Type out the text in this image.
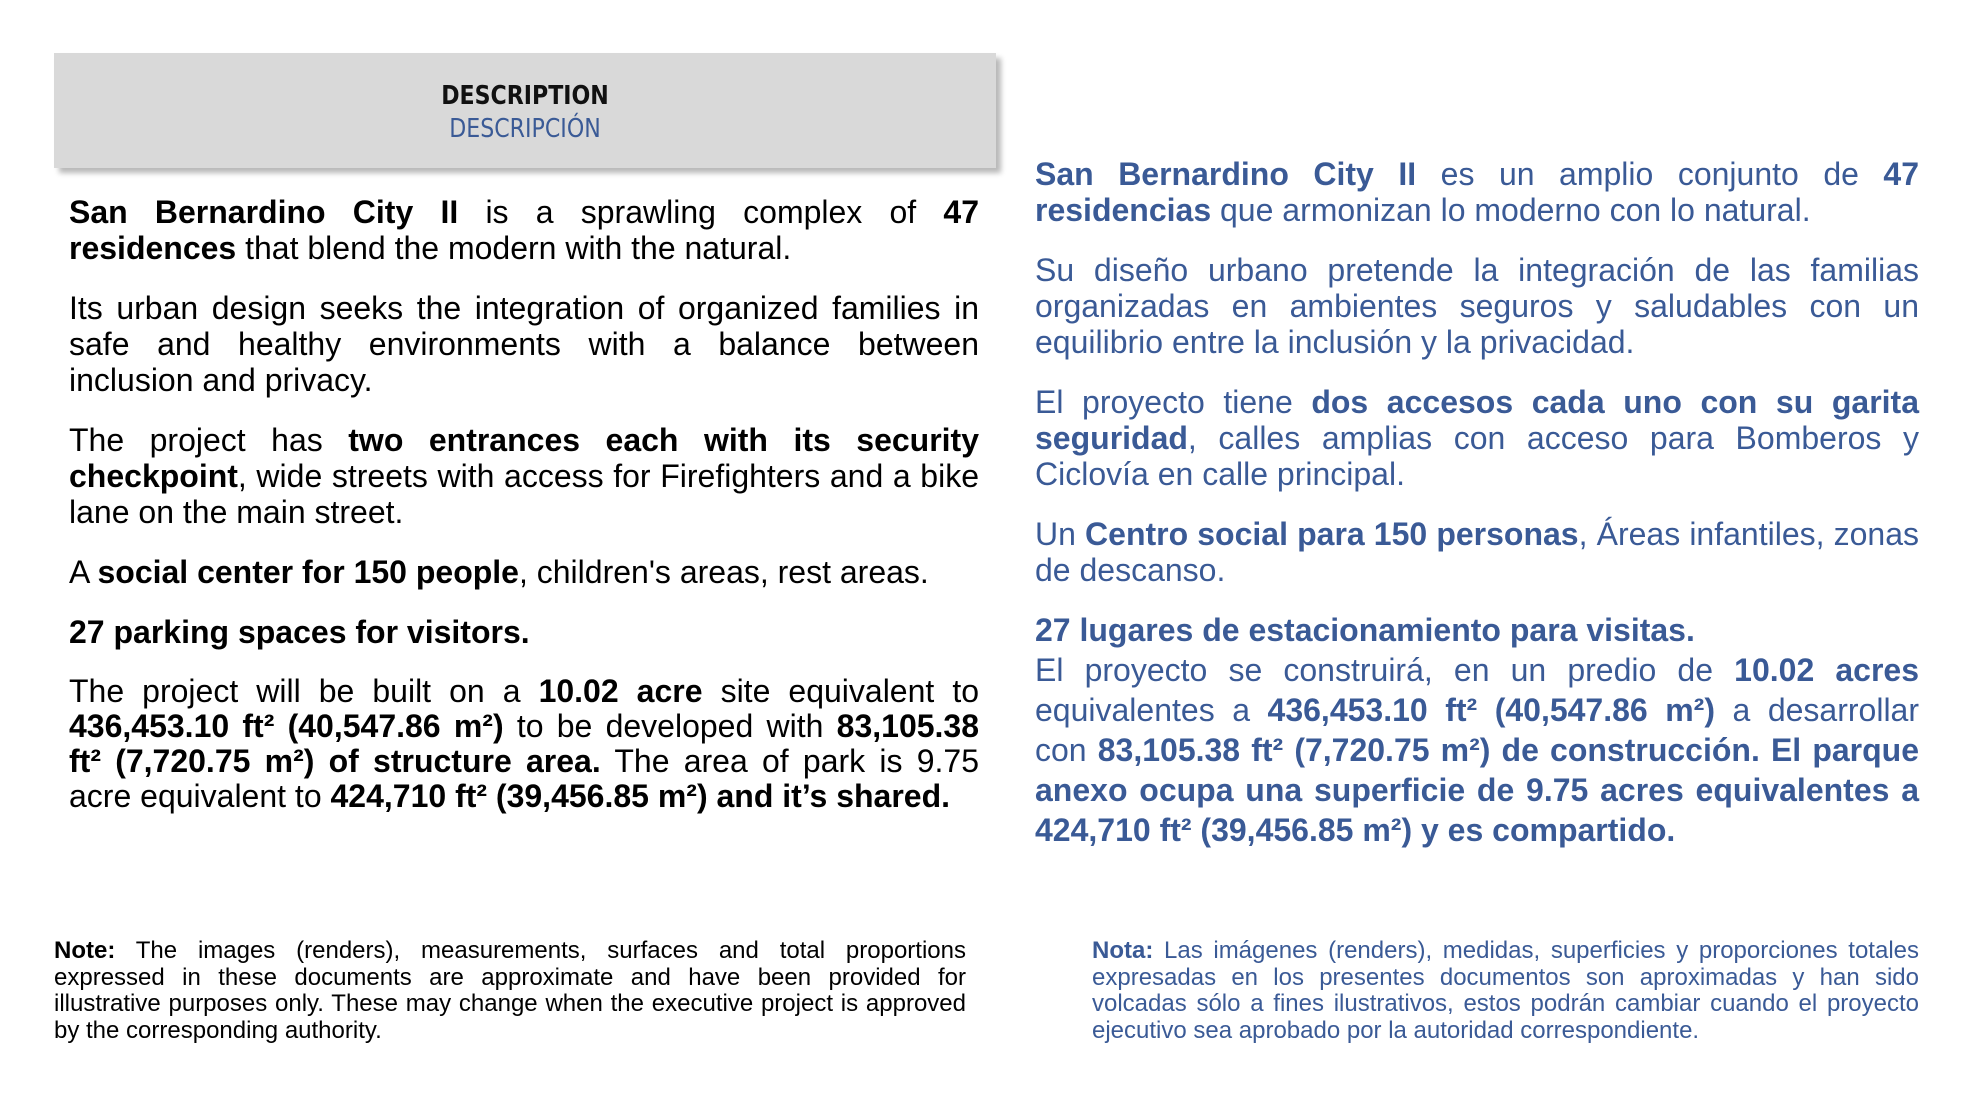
DESCRIPTION
DESCRIPCIÓN

San Bernardino City II is a sprawling complex of 47 residences that blend the modern with the natural.

Its urban design seeks the integration of organized families in safe and healthy environments with a balance between inclusion and privacy.

The project has two entrances each with its security checkpoint, wide streets with access for Firefighters and a bike lane on the main street.

A social center for 150 people, children's areas, rest areas.

27 parking spaces for visitors.

The project will be built on a 10.02 acre site equivalent to 436,453.10 ft² (40,547.86 m²) to be developed with 83,105.38 ft² (7,720.75 m²) of structure area. The area of park is 9.75 acre equivalent to 424,710 ft² (39,456.85 m²) and it’s shared.

San Bernardino City II es un amplio conjunto de 47 residencias que armonizan lo moderno con lo natural.

Su diseño urbano pretende la integración de las familias organizadas en ambientes seguros y saludables con un equilibrio entre la inclusión y la privacidad.

El proyecto tiene dos accesos cada uno con su garita seguridad, calles amplias con acceso para Bomberos y Ciclovía en calle principal.

Un Centro social para 150 personas, Áreas infantiles, zonas de descanso.

27 lugares de estacionamiento para visitas.

El proyecto se construirá, en un predio de 10.02 acres equivalentes a 436,453.10 ft² (40,547.86 m²) a desarrollar con 83,105.38 ft² (7,720.75 m²) de construcción. El parque anexo ocupa una superficie de 9.75 acres equivalentes a 424,710 ft² (39,456.85 m²) y es compartido.

Note: The images (renders), measurements, surfaces and total proportions expressed in these documents are approximate and have been provided for illustrative purposes only. These may change when the executive project is approved by the corresponding authority.
Nota: Las imágenes (renders), medidas, superficies y proporciones totales expresadas en los presentes documentos son aproximadas y han sido volcadas sólo a fines ilustrativos, estos podrán cambiar cuando el proyecto ejecutivo sea aprobado por la autoridad correspondiente.
